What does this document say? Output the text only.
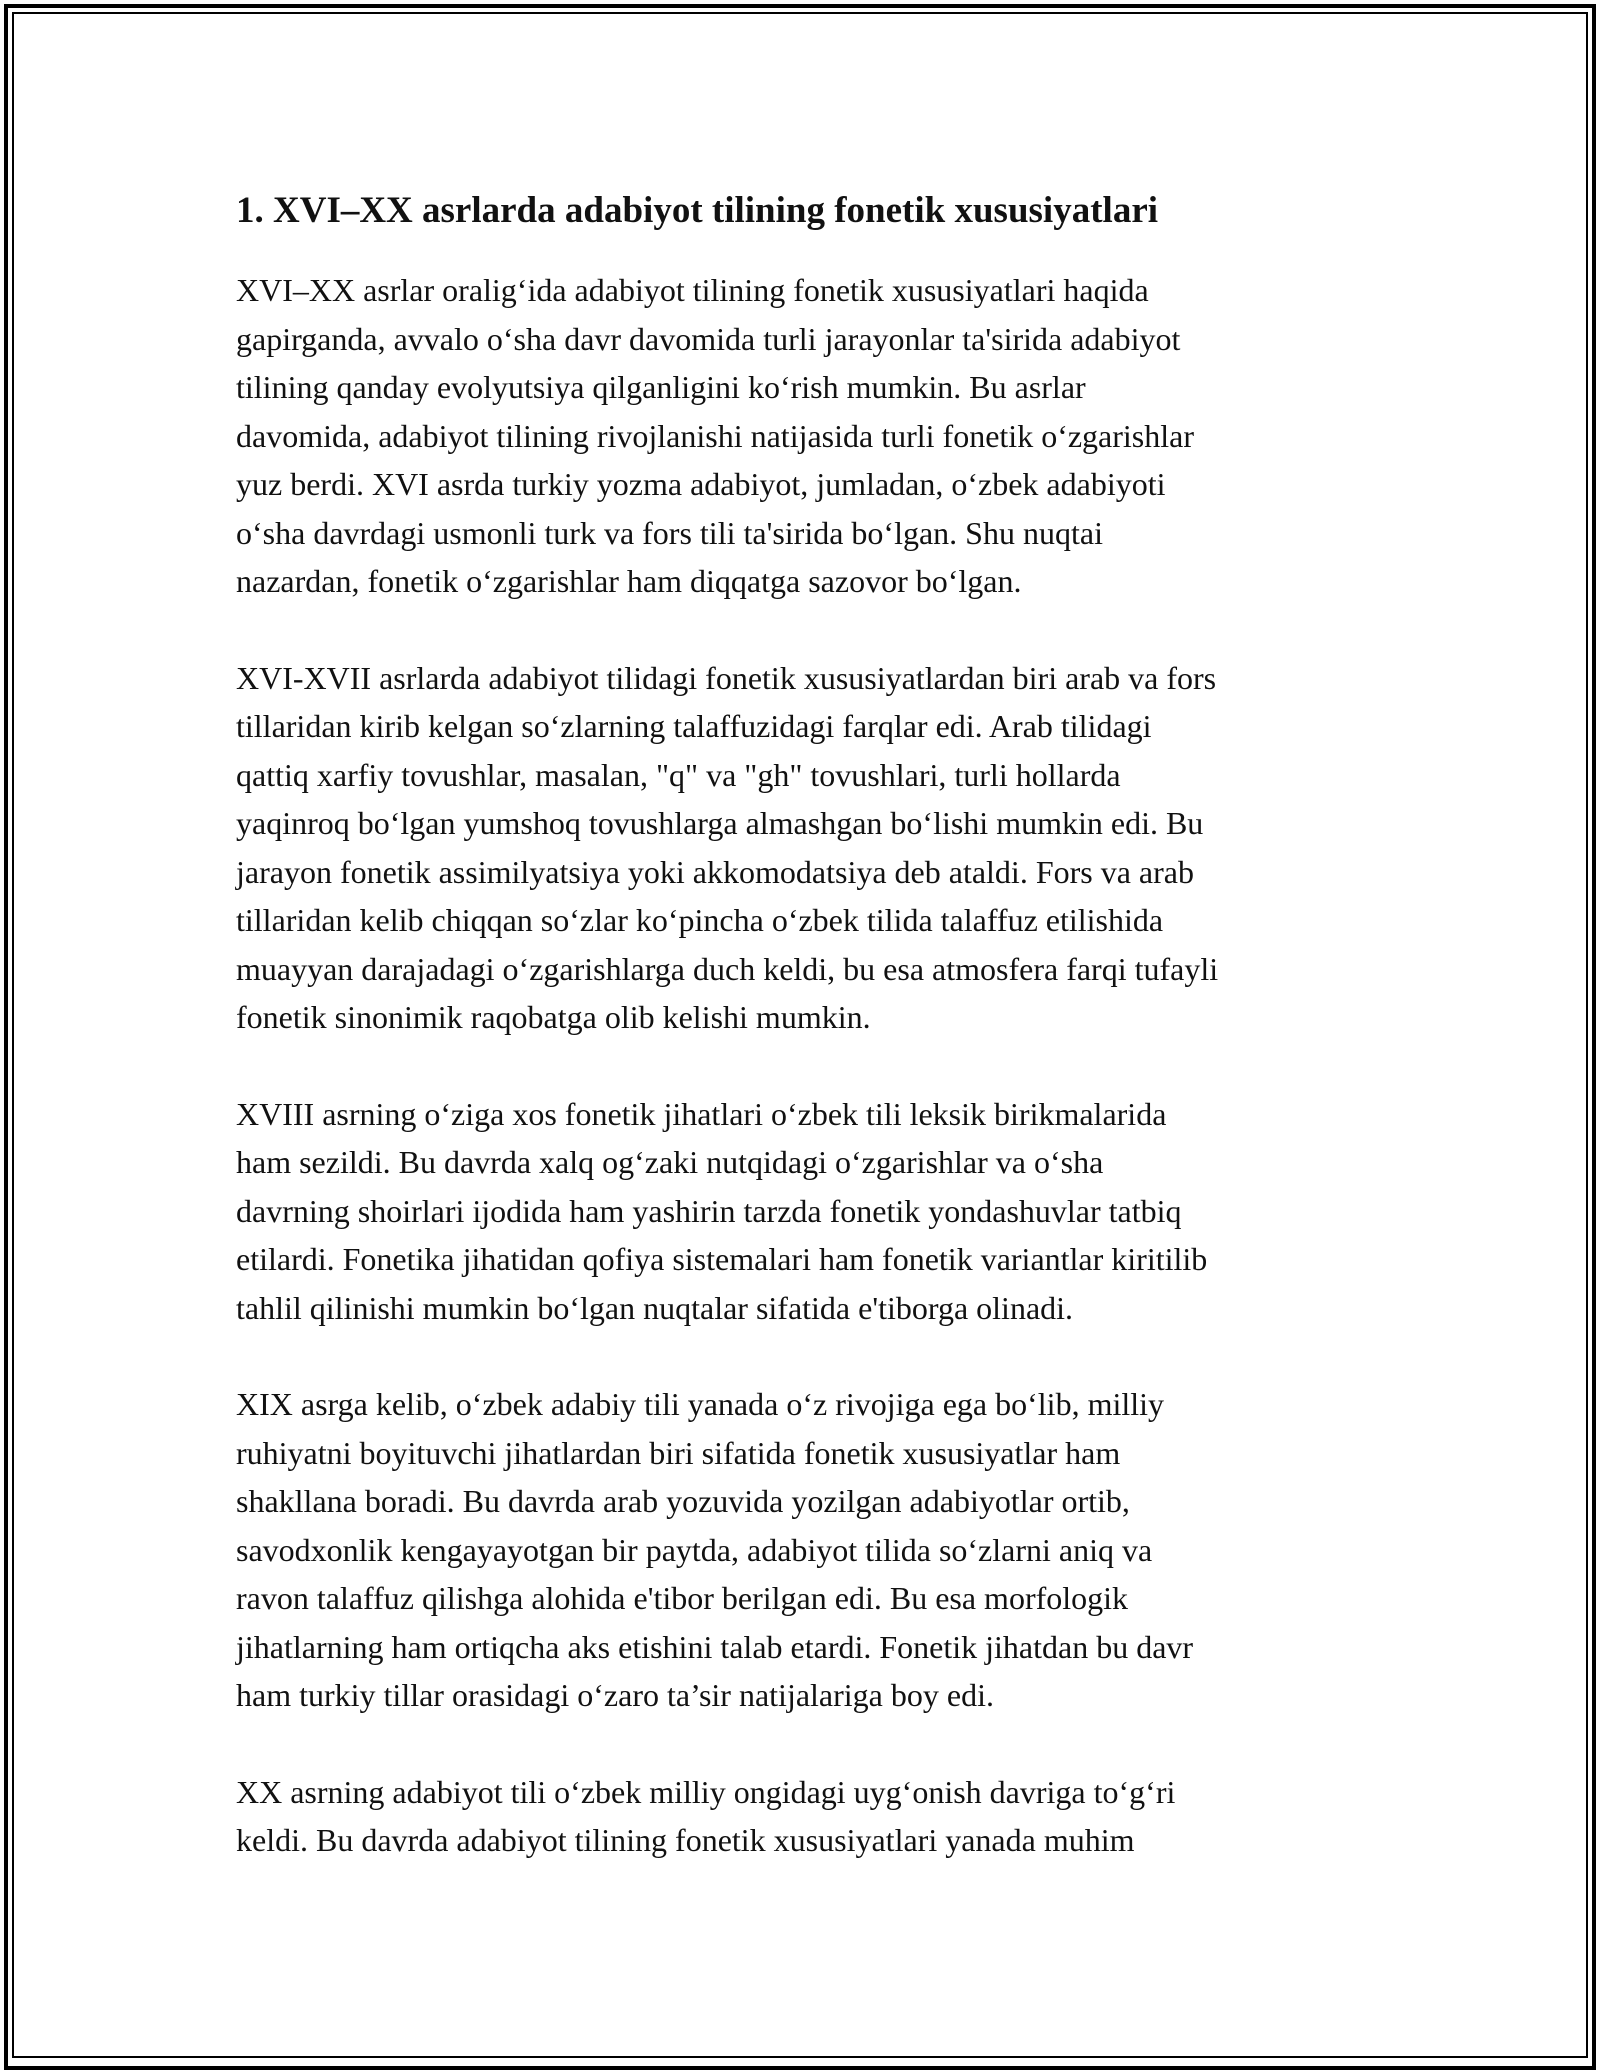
1. XVI–XX asrlarda adabiyot tilining fonetik xususiyatlari

XVI–XX asrlar oralig‘ida adabiyot tilining fonetik xususiyatlari haqida
gapirganda, avvalo o‘sha davr davomida turli jarayonlar ta'sirida adabiyot
tilining qanday evolyutsiya qilganligini ko‘rish mumkin. Bu asrlar
davomida, adabiyot tilining rivojlanishi natijasida turli fonetik o‘zgarishlar
yuz berdi. XVI asrda turkiy yozma adabiyot, jumladan, o‘zbek adabiyoti
o‘sha davrdagi usmonli turk va fors tili ta'sirida bo‘lgan. Shu nuqtai
nazardan, fonetik o‘zgarishlar ham diqqatga sazovor bo‘lgan.

XVI-XVII asrlarda adabiyot tilidagi fonetik xususiyatlardan biri arab va fors
tillaridan kirib kelgan so‘zlarning talaffuzidagi farqlar edi. Arab tilidagi
qattiq xarfiy tovushlar, masalan, "q" va "gh" tovushlari, turli hollarda
yaqinroq bo‘lgan yumshoq tovushlarga almashgan bo‘lishi mumkin edi. Bu
jarayon fonetik assimilyatsiya yoki akkomodatsiya deb ataldi. Fors va arab
tillaridan kelib chiqqan so‘zlar ko‘pincha o‘zbek tilida talaffuz etilishida
muayyan darajadagi o‘zgarishlarga duch keldi, bu esa atmosfera farqi tufayli
fonetik sinonimik raqobatga olib kelishi mumkin.

XVIII asrning o‘ziga xos fonetik jihatlari o‘zbek tili leksik birikmalarida
ham sezildi. Bu davrda xalq og‘zaki nutqidagi o‘zgarishlar va o‘sha
davrning shoirlari ijodida ham yashirin tarzda fonetik yondashuvlar tatbiq
etilardi. Fonetika jihatidan qofiya sistemalari ham fonetik variantlar kiritilib
tahlil qilinishi mumkin bo‘lgan nuqtalar sifatida e'tiborga olinadi.

XIX asrga kelib, o‘zbek adabiy tili yanada o‘z rivojiga ega bo‘lib, milliy
ruhiyatni boyituvchi jihatlardan biri sifatida fonetik xususiyatlar ham
shakllana boradi. Bu davrda arab yozuvida yozilgan adabiyotlar ortib,
savodxonlik kengayayotgan bir paytda, adabiyot tilida so‘zlarni aniq va
ravon talaffuz qilishga alohida e'tibor berilgan edi. Bu esa morfologik
jihatlarning ham ortiqcha aks etishini talab etardi. Fonetik jihatdan bu davr
ham turkiy tillar orasidagi o‘zaro ta’sir natijalariga boy edi.

XX asrning adabiyot tili o‘zbek milliy ongidagi uyg‘onish davriga to‘g‘ri
keldi. Bu davrda adabiyot tilining fonetik xususiyatlari yanada muhim
